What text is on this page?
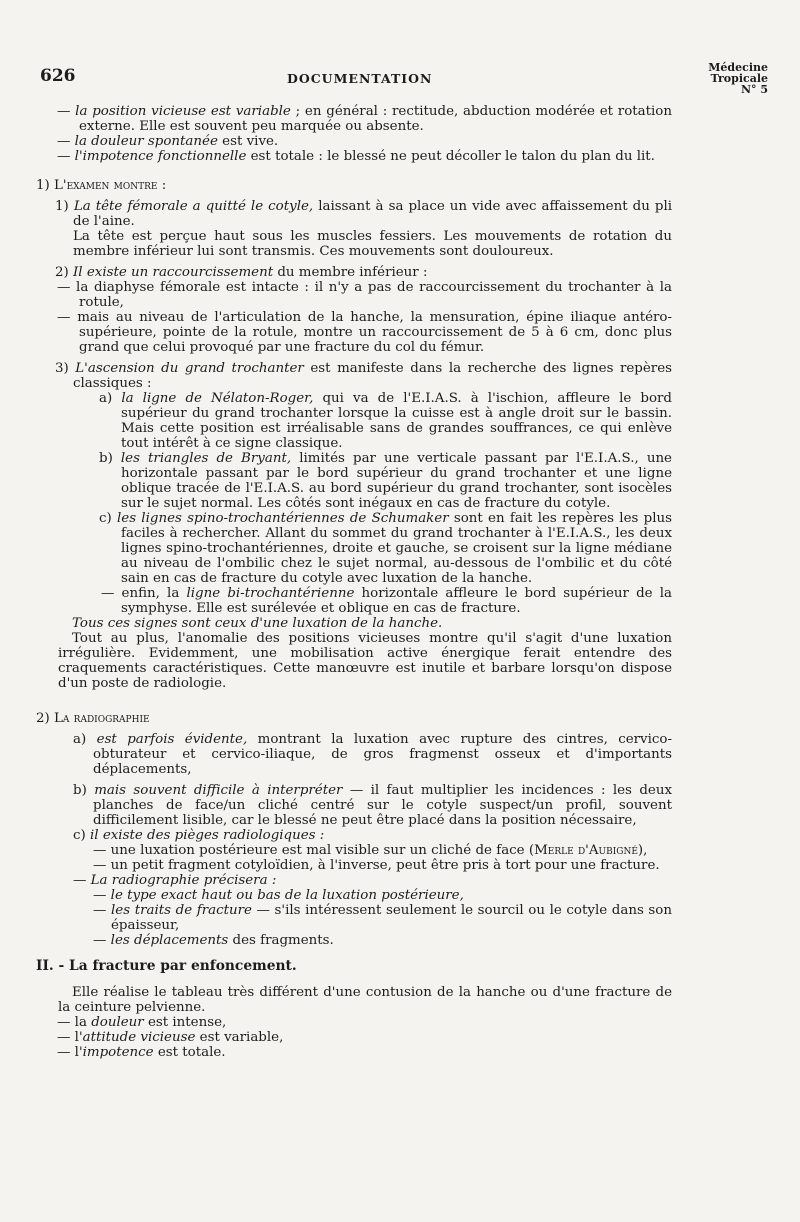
626	DOCUMENTATION
Médecine
Tropicale
N° 5

— la position vicieuse est variable ; en général : rectitude, abduction modérée et rotation externe. Elle est souvent peu marquée ou absente.

— la douleur spontanée est vive.

— l'impotence fonctionnelle est totale : le blessé ne peut décoller le talon du plan du lit.

1) L'examen montre :

1) La tête fémorale a quitté le cotyle, laissant à sa place un vide avec affaissement du pli de l'aine.

La tête est perçue haut sous les muscles fessiers. Les mouvements de rotation du membre inférieur lui sont transmis. Ces mouvements sont douloureux.

2) Il existe un raccourcissement du membre inférieur :

— la diaphyse fémorale est intacte : il n'y a pas de raccourcissement du trochanter à la rotule,

— mais au niveau de l'articulation de la hanche, la mensuration, épine iliaque antéro-supérieure, pointe de la rotule, montre un raccourcissement de 5 à 6 cm, donc plus grand que celui provoqué par une fracture du col du fémur.

3) L'ascension du grand trochanter est manifeste dans la recherche des lignes repères classiques :

a) la ligne de Nélaton-Roger, qui va de l'E.I.A.S. à l'ischion, affleure le bord supérieur du grand trochanter lorsque la cuisse est à angle droit sur le bassin. Mais cette position est irréalisable sans de grandes souffrances, ce qui enlève tout intérêt à ce signe classique.

b) les triangles de Bryant, limités par une verticale passant par l'E.I.A.S., une horizontale passant par le bord supérieur du grand trochanter et une ligne oblique tracée de l'E.I.A.S. au bord supérieur du grand trochanter, sont isocèles sur le sujet normal. Les côtés sont inégaux en cas de fracture du cotyle.

c) les lignes spino-trochantériennes de Schumaker sont en fait les repères les plus faciles à rechercher. Allant du sommet du grand trochanter à l'E.I.A.S., les deux lignes spino-trochantériennes, droite et gauche, se croisent sur la ligne médiane au niveau de l'ombilic chez le sujet normal, au-dessous de l'ombilic et du côté sain en cas de fracture du cotyle avec luxation de la hanche.

— enfin, la ligne bi-trochantérienne horizontale affleure le bord supérieur de la symphyse. Elle est surélevée et oblique en cas de fracture.

Tous ces signes sont ceux d'une luxation de la hanche.

Tout au plus, l'anomalie des positions vicieuses montre qu'il s'agit d'une luxation irrégulière. Evidemment, une mobilisation active énergique ferait entendre des craquements caractéristiques. Cette manœuvre est inutile et barbare lorsqu'on dispose d'un poste de radiologie.

2) La radiographie

a) est parfois évidente, montrant la luxation avec rupture des cintres, cervico-obturateur et cervico-iliaque, de gros fragmenst osseux et d'importants déplacements,

b) mais souvent difficile à interpréter — il faut multiplier les incidences : les deux planches de face/un cliché centré sur le cotyle suspect/un profil, souvent difficilement lisible, car le blessé ne peut être placé dans la position nécessaire,

c) il existe des pièges radiologiques :

— une luxation postérieure est mal visible sur un cliché de face (Merle d'Aubigné),

— un petit fragment cotyloïdien, à l'inverse, peut être pris à tort pour une fracture.

— La radiographie précisera :

— le type exact haut ou bas de la luxation postérieure,

— les traits de fracture — s'ils intéressent seulement le sourcil ou le cotyle dans son épaisseur,

— les déplacements des fragments.

II. - La fracture par enfoncement.

Elle réalise le tableau très différent d'une contusion de la hanche ou d'une fracture de la ceinture pelvienne.

— la douleur est intense,

— l'attitude vicieuse est variable,

— l'impotence est totale.
